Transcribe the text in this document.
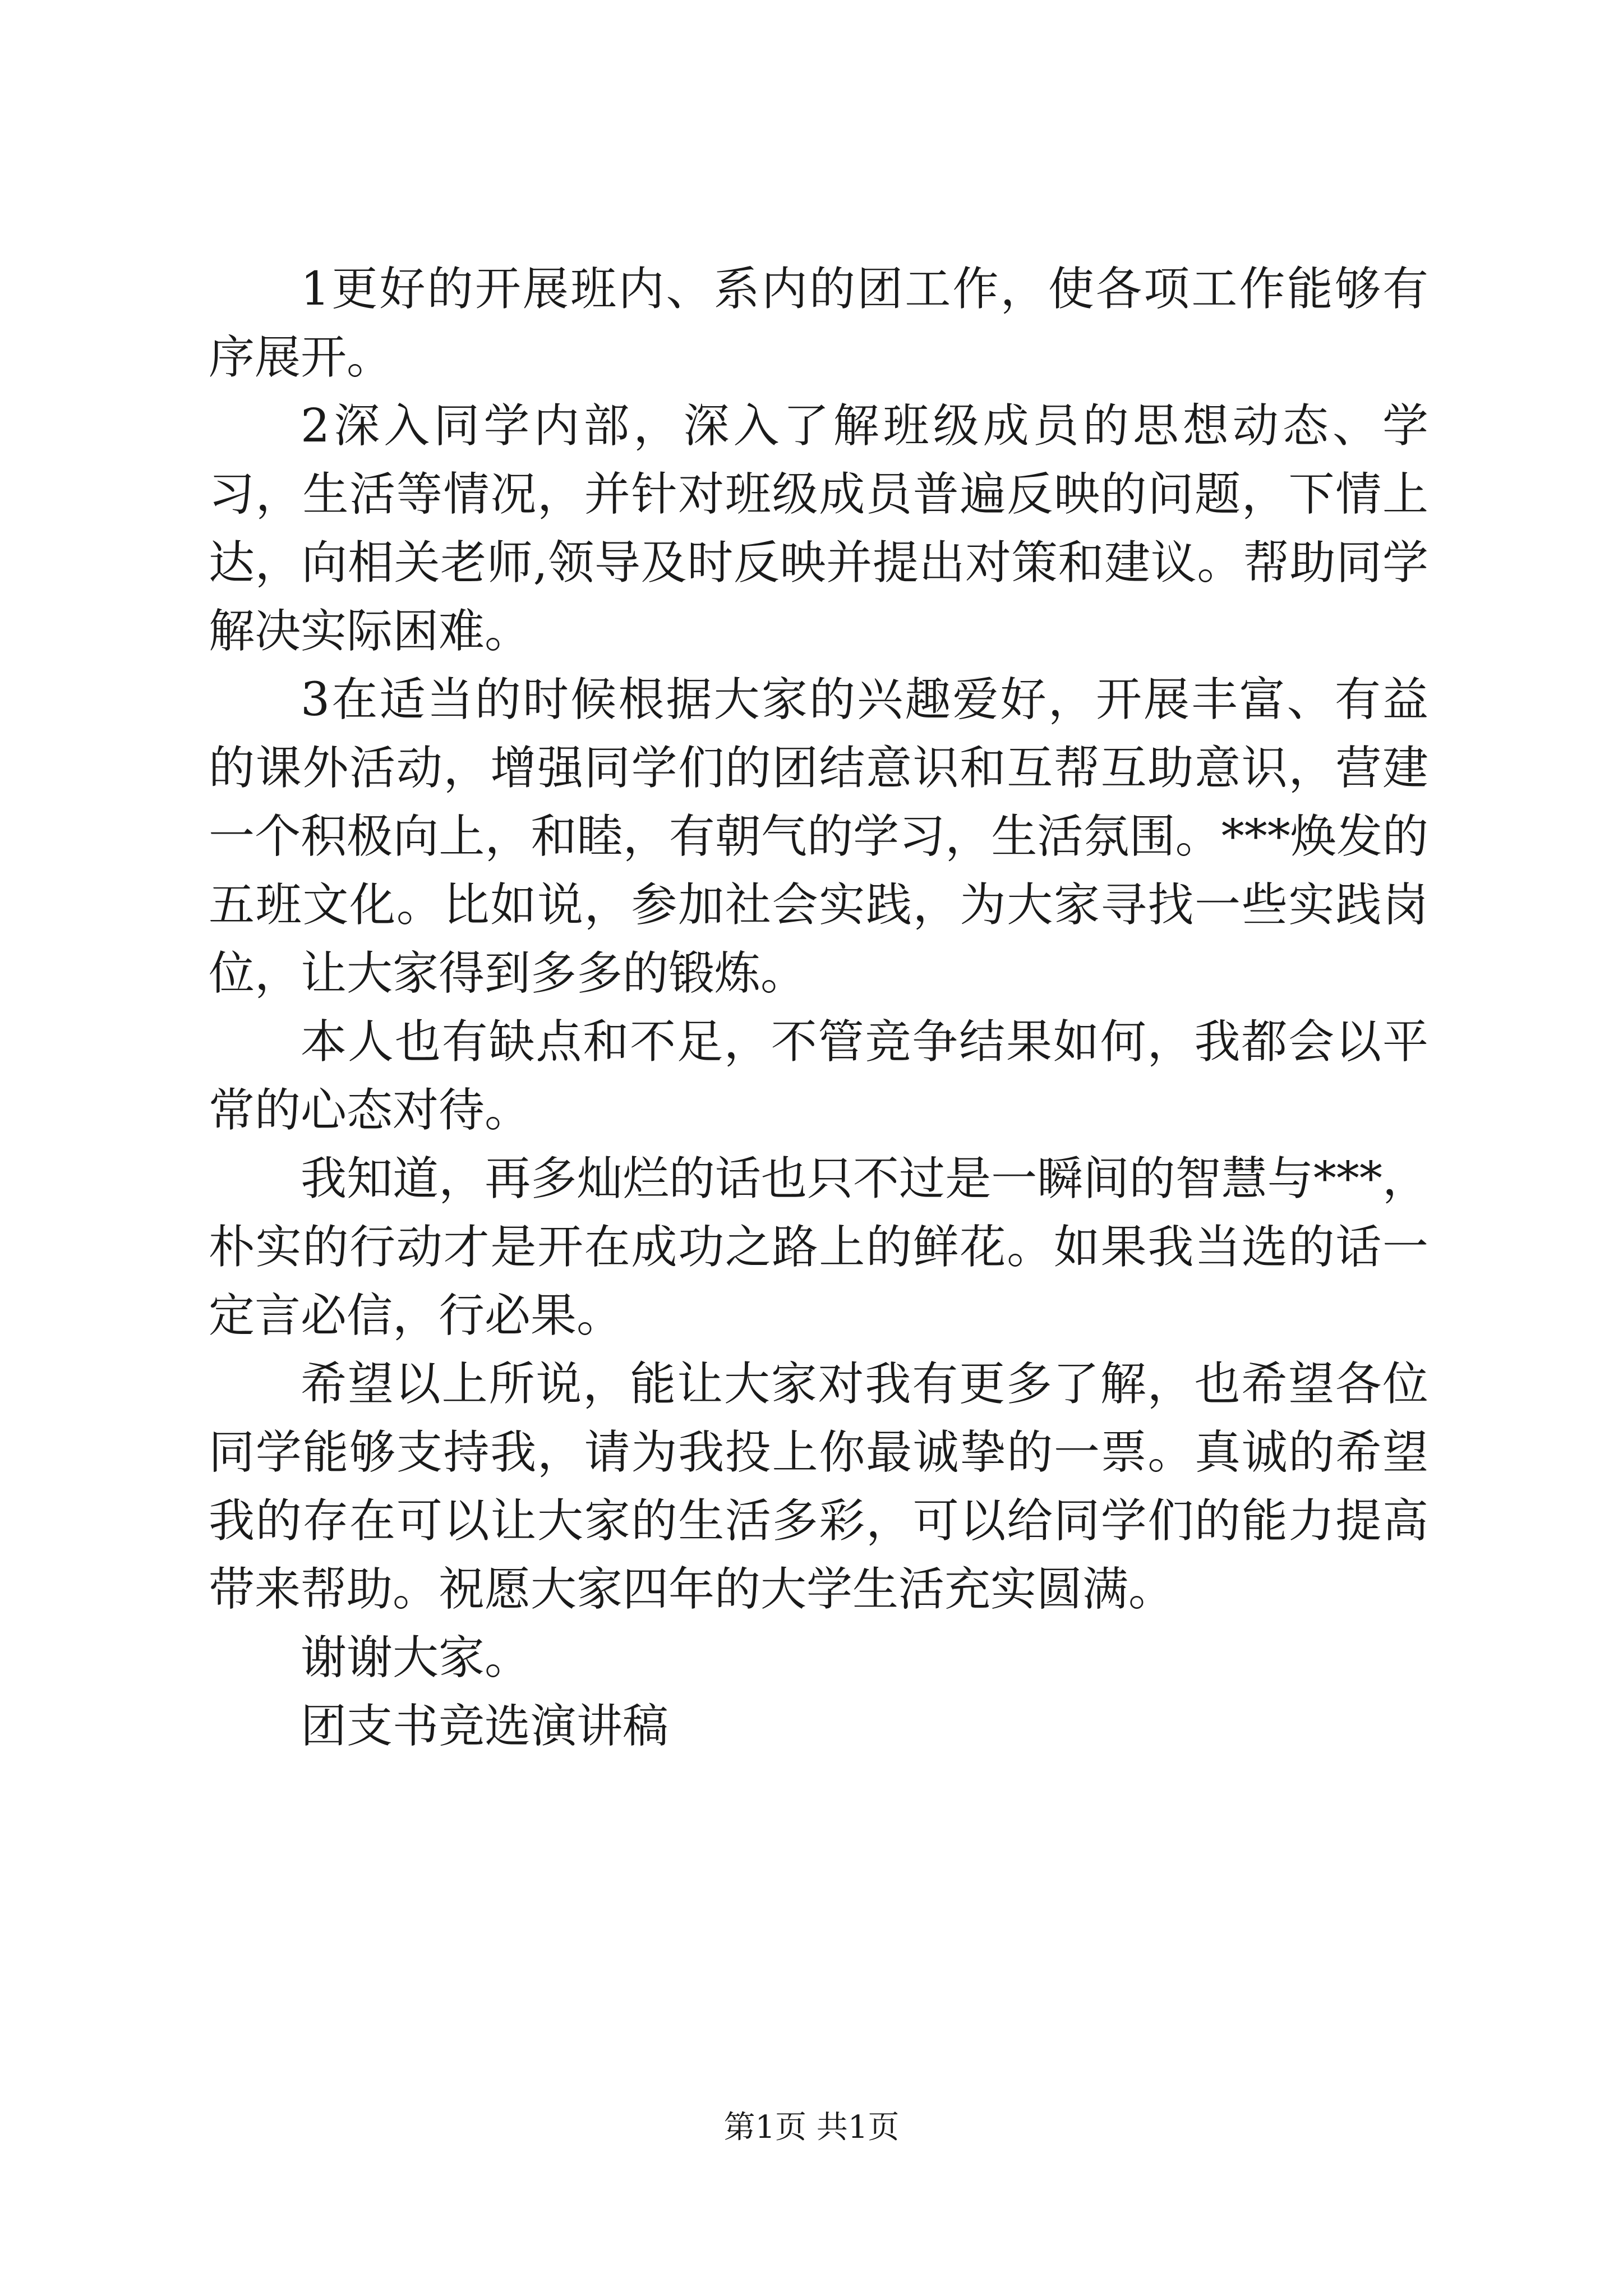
1更好的开展班内、系内的团工作，使各项工作能够有序展开。

2深入同学内部，深入了解班级成员的思想动态、学习，生活等情况，并针对班级成员普遍反映的问题，下情上达，向相关老师,领导及时反映并提出对策和建议。帮助同学解决实际困难。

3在适当的时候根据大家的兴趣爱好，开展丰富、有益的课外活动，增强同学们的团结意识和互帮互助意识，营建一个积极向上，和睦，有朝气的学习，生活氛围。***焕发的五班文化。比如说，参加社会实践，为大家寻找一些实践岗位，让大家得到多多的锻炼。

本人也有缺点和不足，不管竞争结果如何，我都会以平常的心态对待。

我知道，再多灿烂的话也只不过是一瞬间的智慧与***，朴实的行动才是开在成功之路上的鲜花。如果我当选的话一定言必信，行必果。

希望以上所说，能让大家对我有更多了解，也希望各位同学能够支持我，请为我投上你最诚挚的一票。真诚的希望我的存在可以让大家的生活多彩，可以给同学们的能力提高带来帮助。祝愿大家四年的大学生活充实圆满。

谢谢大家。

团支书竞选演讲稿

第1页 共1页
